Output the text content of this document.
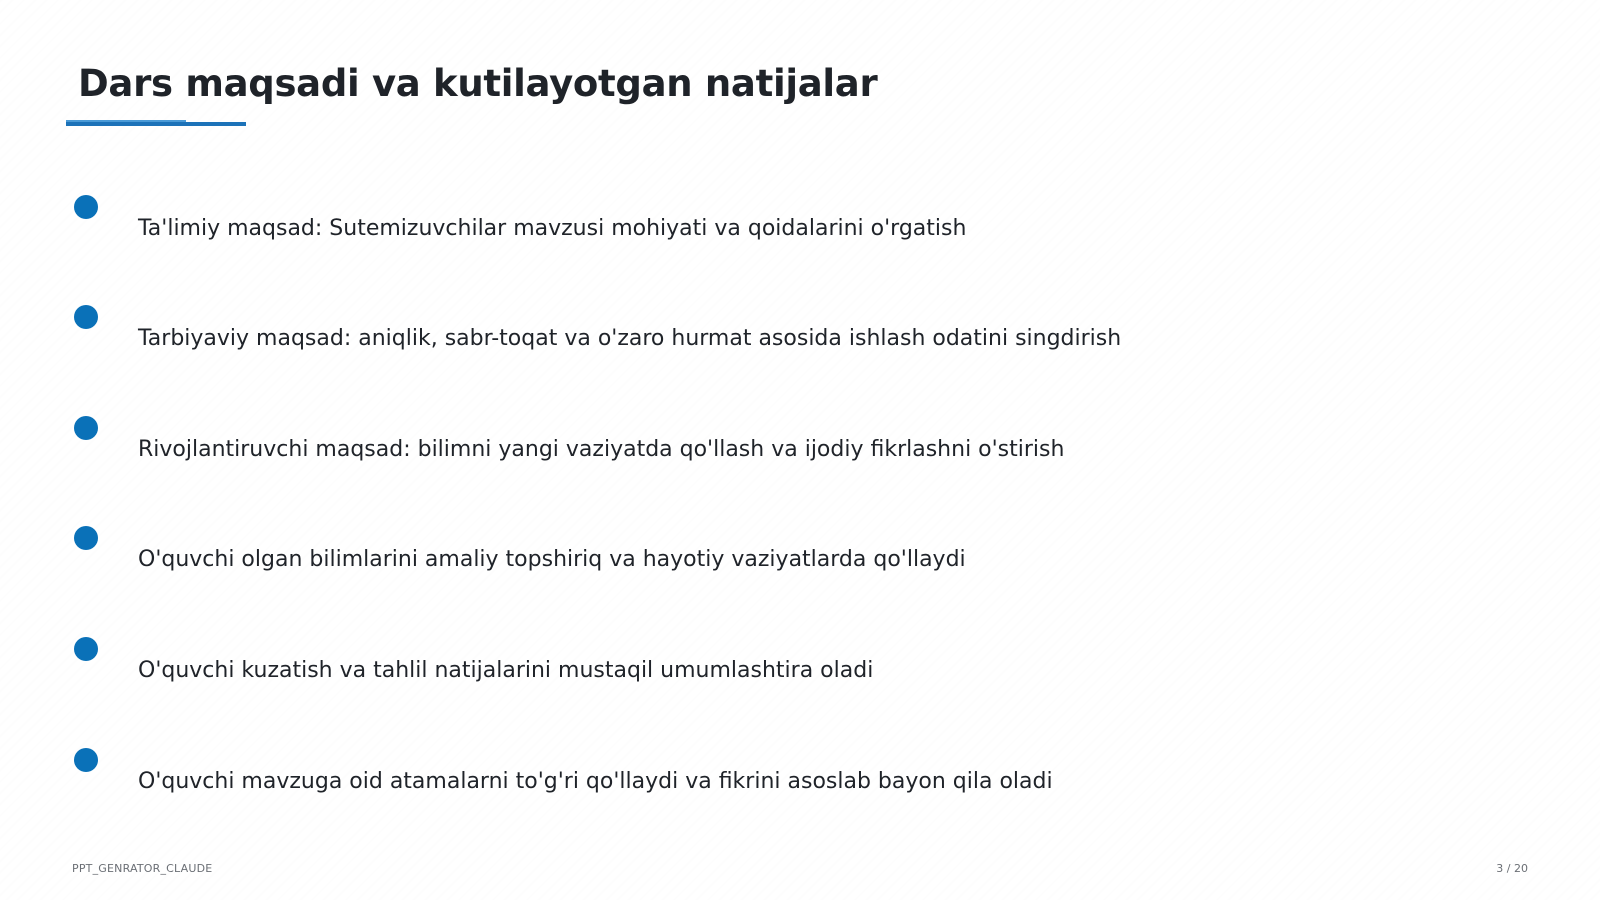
Dars maqsadi va kutilayotgan natijalar
Ta'limiy maqsad: Sutemizuvchilar mavzusi mohiyati va qoidalarini o'rgatish
Tarbiyaviy maqsad: aniqlik, sabr-toqat va o'zaro hurmat asosida ishlash odatini singdirish
Rivojlantiruvchi maqsad: bilimni yangi vaziyatda qo'llash va ijodiy fikrlashni o'stirish
O'quvchi olgan bilimlarini amaliy topshiriq va hayotiy vaziyatlarda qo'llaydi
O'quvchi kuzatish va tahlil natijalarini mustaqil umumlashtira oladi
O'quvchi mavzuga oid atamalarni to'g'ri qo'llaydi va fikrini asoslab bayon qila oladi
PPT_GENRATOR_CLAUDE	3 / 20
